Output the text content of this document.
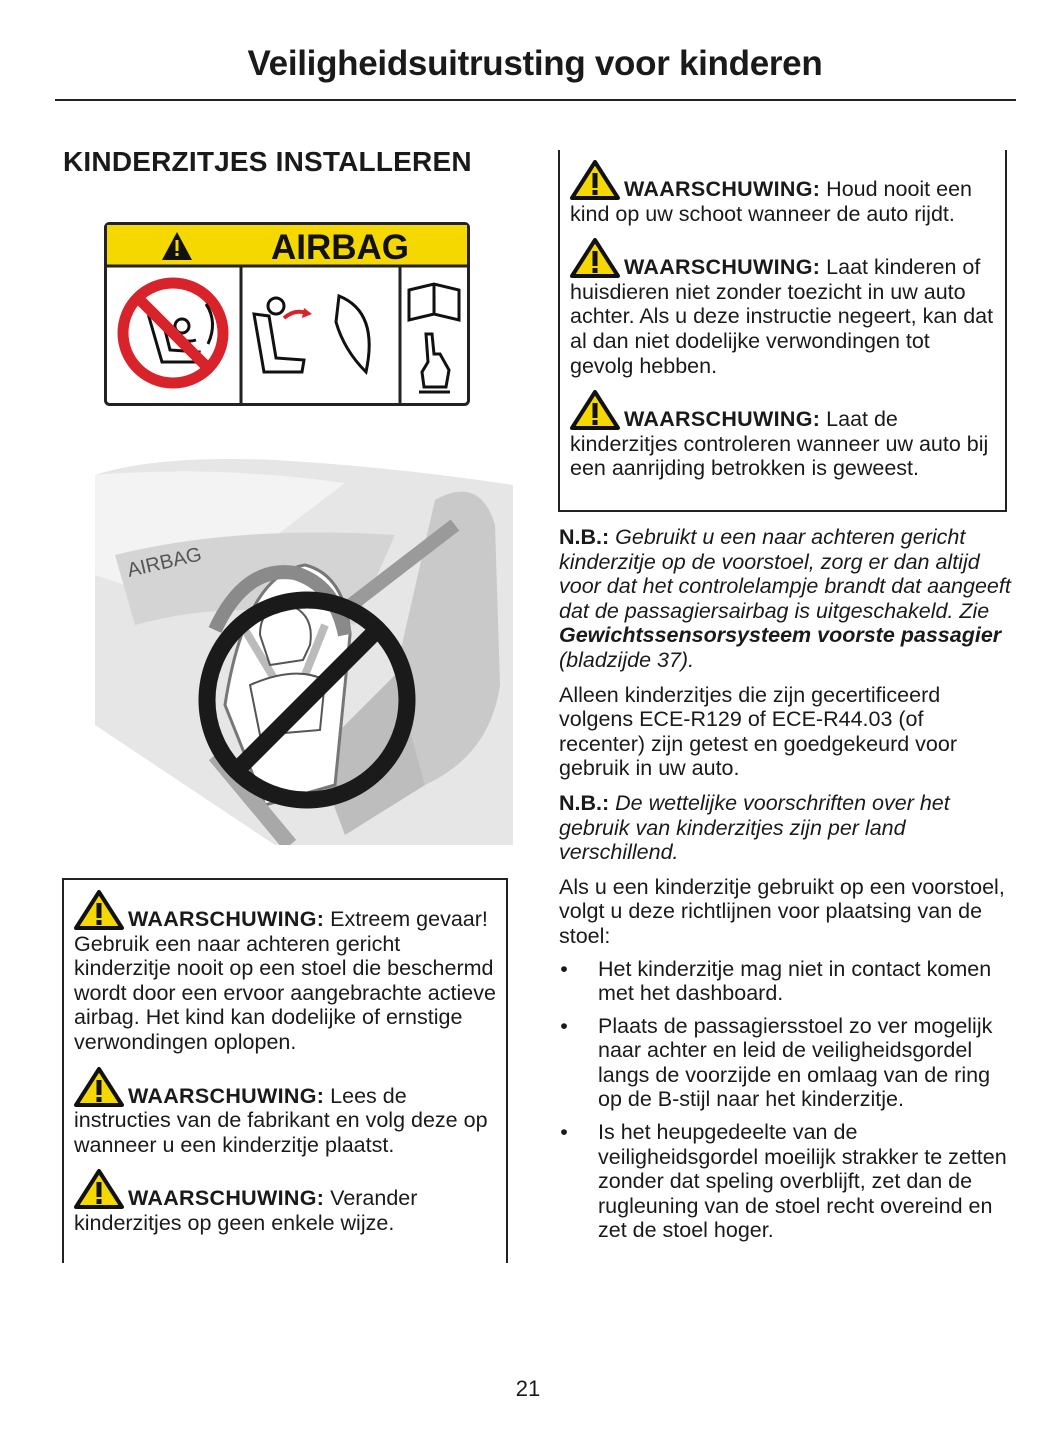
Veiligheidsuitrusting voor kinderen
KINDERZITJES INSTALLEREN
AIRBAG
i
AIRBAG
WAARSCHUWING: Extreem gevaar! Gebruik een naar achteren gericht kinderzitje nooit op een stoel die beschermd wordt door een ervoor aangebrachte actieve airbag. Het kind kan dodelijke of ernstige verwondingen oplopen.
WAARSCHUWING: Lees de instructies van de fabrikant en volg deze op wanneer u een kinderzitje plaatst.
WAARSCHUWING: Verander kinderzitjes op geen enkele wijze.
WAARSCHUWING: Houd nooit een kind op uw schoot wanneer de auto rijdt.
WAARSCHUWING: Laat kinderen of huisdieren niet zonder toezicht in uw auto achter. Als u deze instructie negeert, kan dat al dan niet dodelijke verwondingen tot gevolg hebben.
WAARSCHUWING: Laat de kinderzitjes controleren wanneer uw auto bij een aanrijding betrokken is geweest.
N.B.: Gebruikt u een naar achteren gericht kinderzitje op de voorstoel, zorg er dan altijd voor dat het controlelampje brandt dat aangeeft dat de passagiersairbag is uitgeschakeld. Zie Gewichtssensorsysteem voorste passagier (bladzijde 37).
Alleen kinderzitjes die zijn gecertificeerd volgens ECE-R129 of ECE-R44.03 (of recenter) zijn getest en goedgekeurd voor gebruik in uw auto.
N.B.: De wettelijke voorschriften over het gebruik van kinderzitjes zijn per land verschillend.
Als u een kinderzitje gebruikt op een voorstoel, volgt u deze richtlijnen voor plaatsing van de stoel:
• Het kinderzitje mag niet in contact komen met het dashboard.
• Plaats de passagiersstoel zo ver mogelijk naar achter en leid de veiligheidsgordel langs de voorzijde en omlaag van de ring op de B-stijl naar het kinderzitje.
• Is het heupgedeelte van de veiligheidsgordel moeilijk strakker te zetten zonder dat speling overblijft, zet dan de rugleuning van de stoel recht overeind en zet de stoel hoger.
21
